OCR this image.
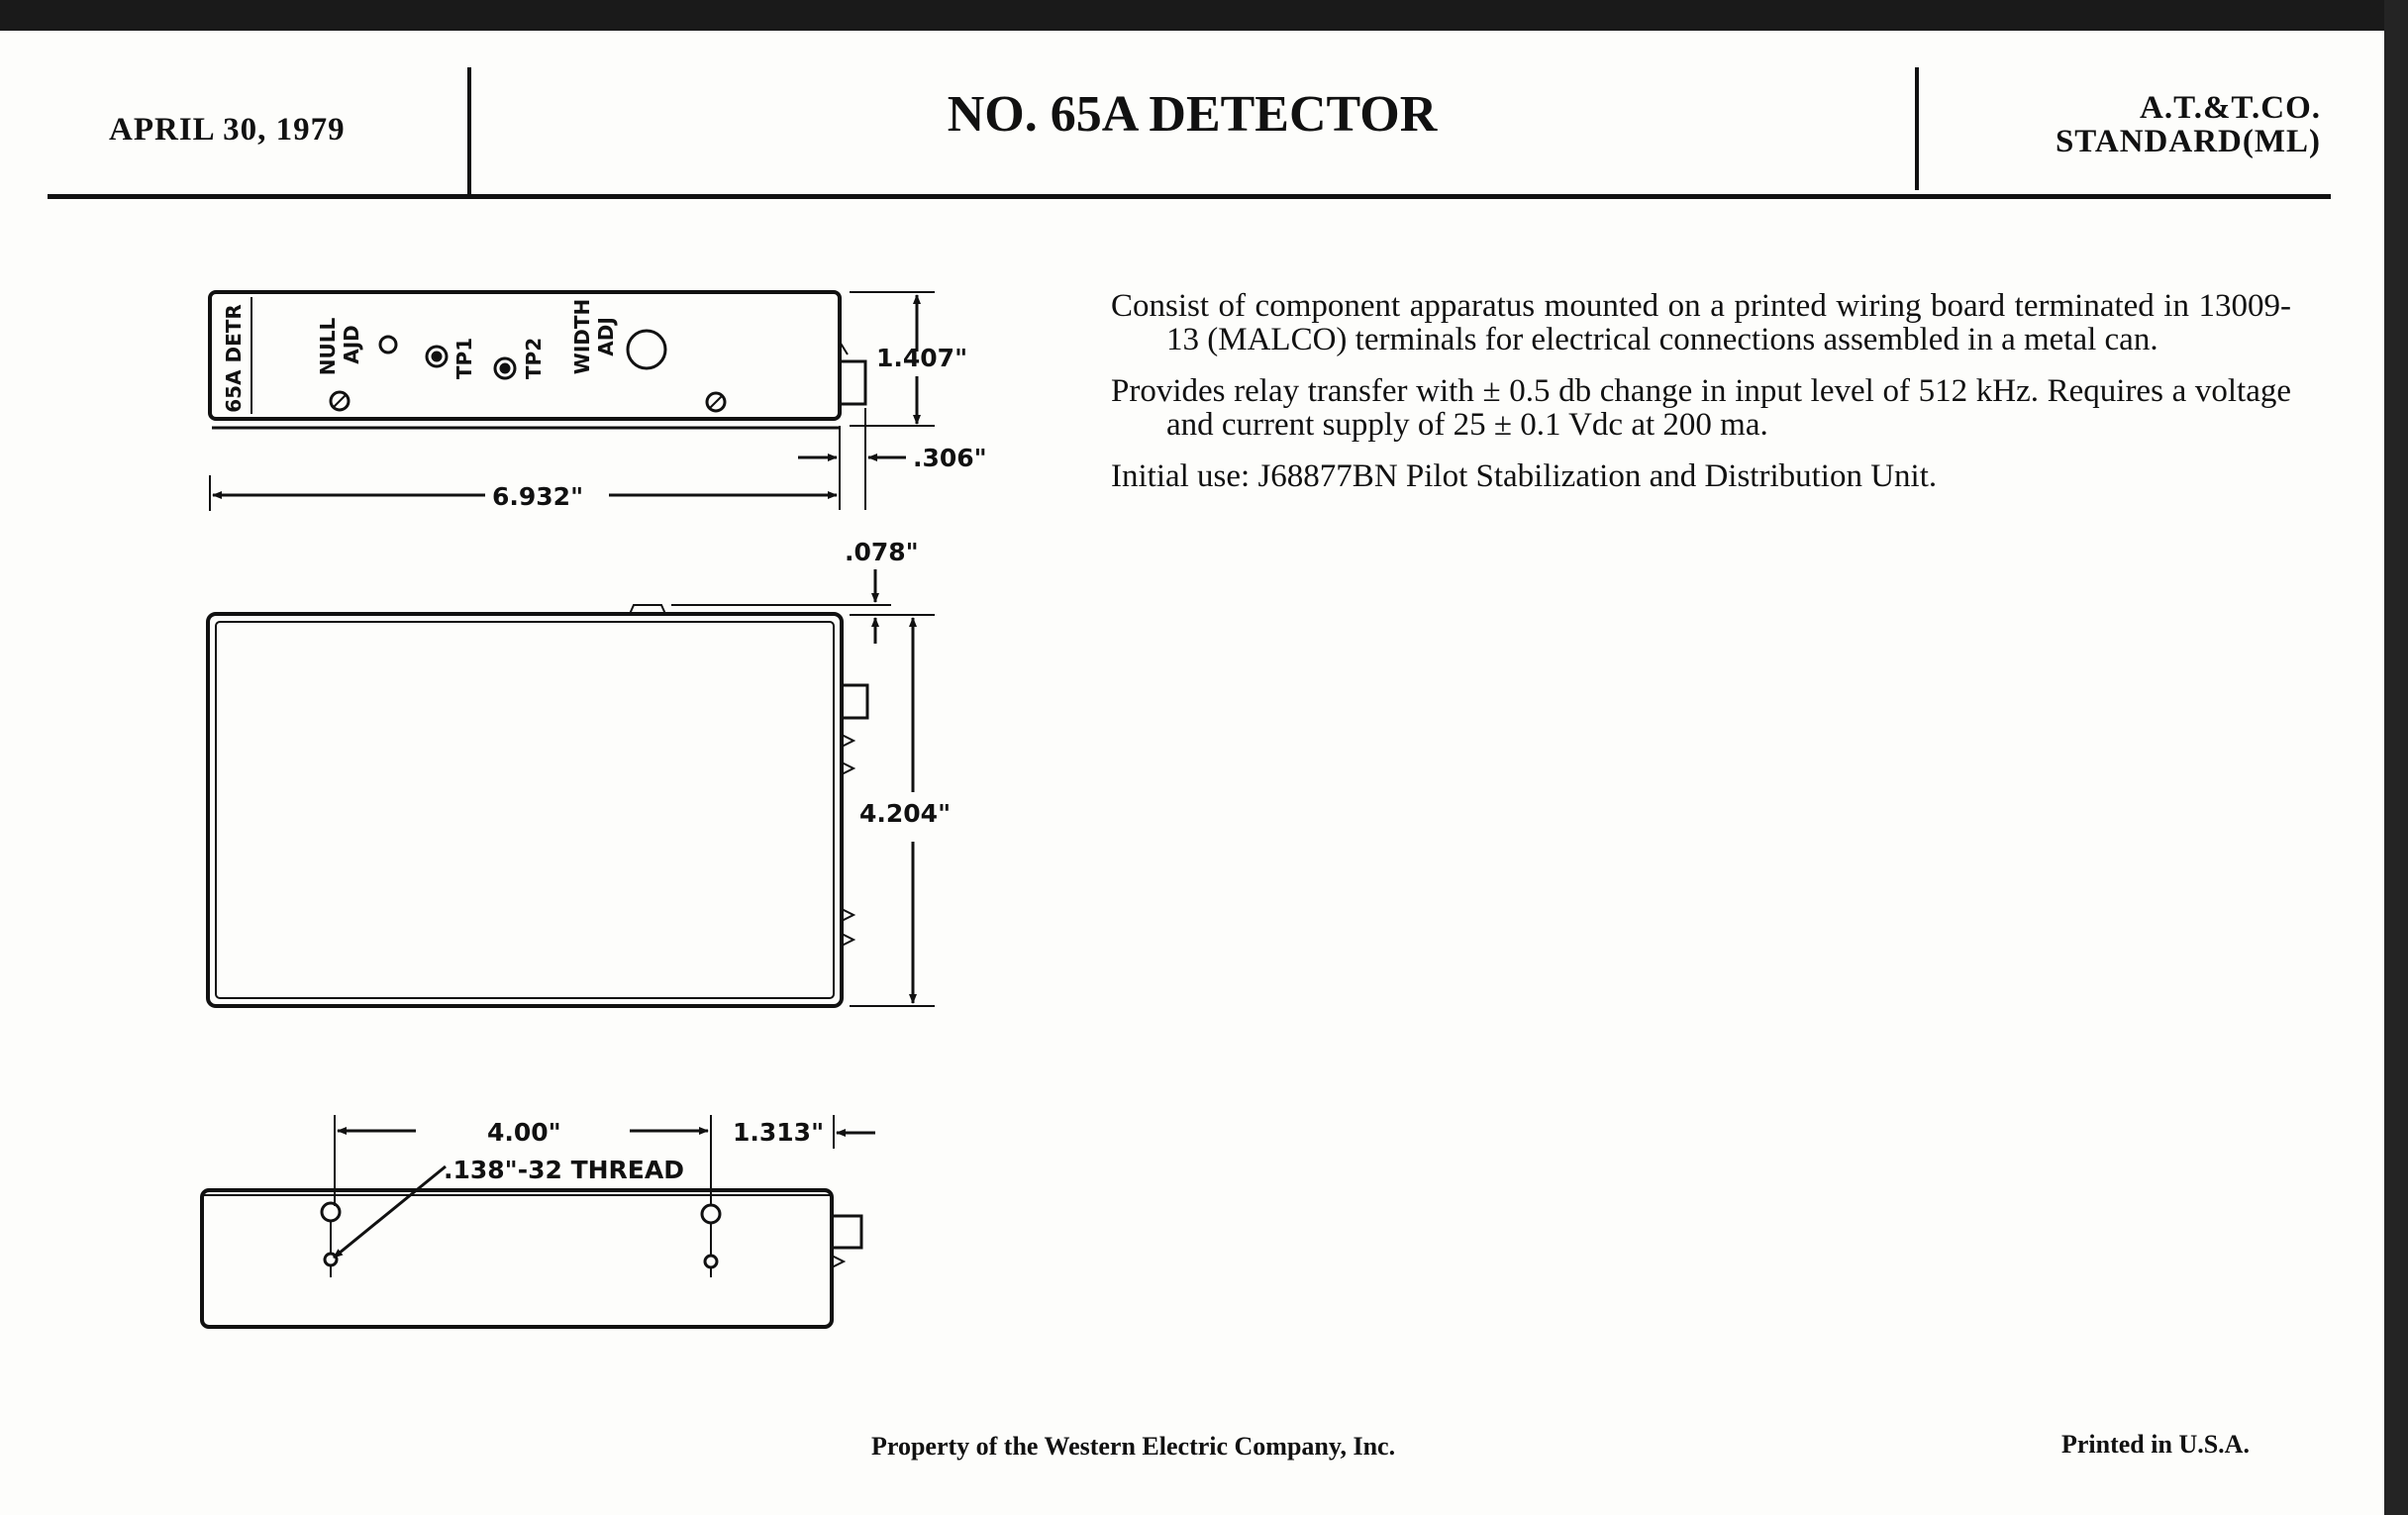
APRIL 30, 1979	NO. 65A DETECTOR	A.T.&T.CO.
STANDARD(ML)

Consist of component apparatus mounted on a printed wiring board terminated in 13009-13 (MALCO) terminals for electrical connections assembled in a metal can.

Provides relay transfer with ± 0.5 db change in input level of 512 kHz. Requires a voltage and current supply of 25 ± 0.1 Vdc at 200 ma.

Initial use: J68877BN Pilot Stabilization and Distribution Unit.

65A DETR	NULL AJD	TP1 TP2 WIDTH ADJ
1.407"
.306"
6.932"
.078"
4.204"
4.00"	1.313"
.138"-32 THREAD
Property of the Western Electric Company, Inc.	Printed in U.S.A.
